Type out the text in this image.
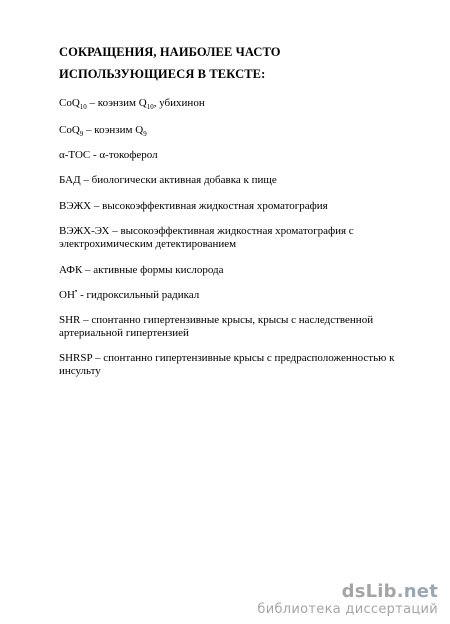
СОКРАЩЕНИЯ, НАИБОЛЕЕ ЧАСТО ИСПОЛЬЗУЮЩИЕСЯ В ТЕКСТЕ:

CoQ$_{10}$ – коэнзим $Q_{10}$, убихинон

CoQ$_9$ – коэнзим $Q_9$

α-TOC - α-токоферол

БАД – биологически активная добавка к пище

ВЭЖХ – высокоэффективная жидкостная хроматография

ВЭЖХ-ЭХ – высокоэффективная жидкостная хроматография с электрохимическим детектированием

АФК – активные формы кислорода

OH• - гидроксильный радикал

SHR – спонтанно гипертензивные крысы, крысы с наследственной артериальной гипертензией

SHRSP – спонтанно гипертензивные крысы с предрасположенностью к инсульту

dsLib.net
библиотека диссертаций
